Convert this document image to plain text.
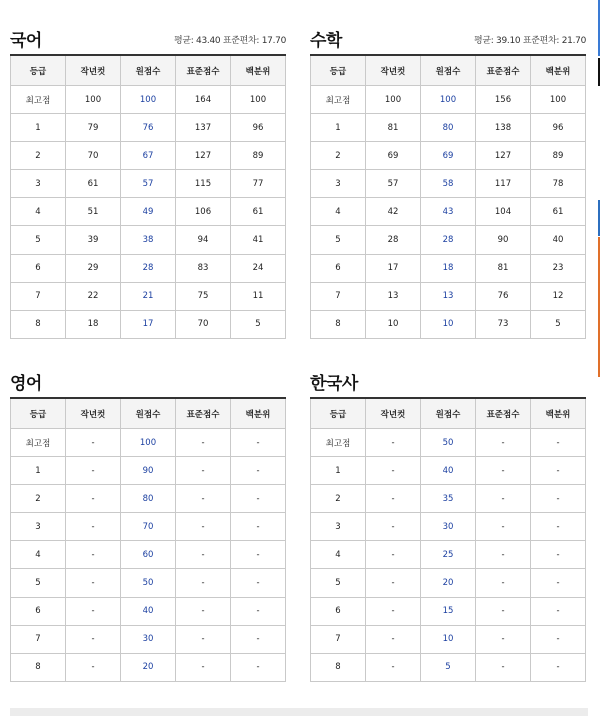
국어	평균: 43.40 표준편차: 17.70
등급	작년컷	원점수	표준점수	백분위
최고점	100	100	164	100
1	79	76	137	96
2	70	67	127	89
3	61	57	115	77
4	51	49	106	61
5	39	38	94	41
6	29	28	83	24
7	22	21	75	11
8	18	17	70	5
수학	평균: 39.10 표준편차: 21.70
등급	작년컷	원점수	표준점수	백분위
최고점	100	100	156	100
1	81	80	138	96
2	69	69	127	89
3	57	58	117	78
4	42	43	104	61
5	28	28	90	40
6	17	18	81	23
7	13	13	76	12
8	10	10	73	5
영어
등급	작년컷	원점수	표준점수	백분위
최고점	-	100	-	-
1	-	90	-	-
2	-	80	-	-
3	-	70	-	-
4	-	60	-	-
5	-	50	-	-
6	-	40	-	-
7	-	30	-	-
8	-	20	-	-
한국사
등급	작년컷	원점수	표준점수	백분위
최고점	-	50	-	-
1	-	40	-	-
2	-	35	-	-
3	-	30	-	-
4	-	25	-	-
5	-	20	-	-
6	-	15	-	-
7	-	10	-	-
8	-	5	-	-
